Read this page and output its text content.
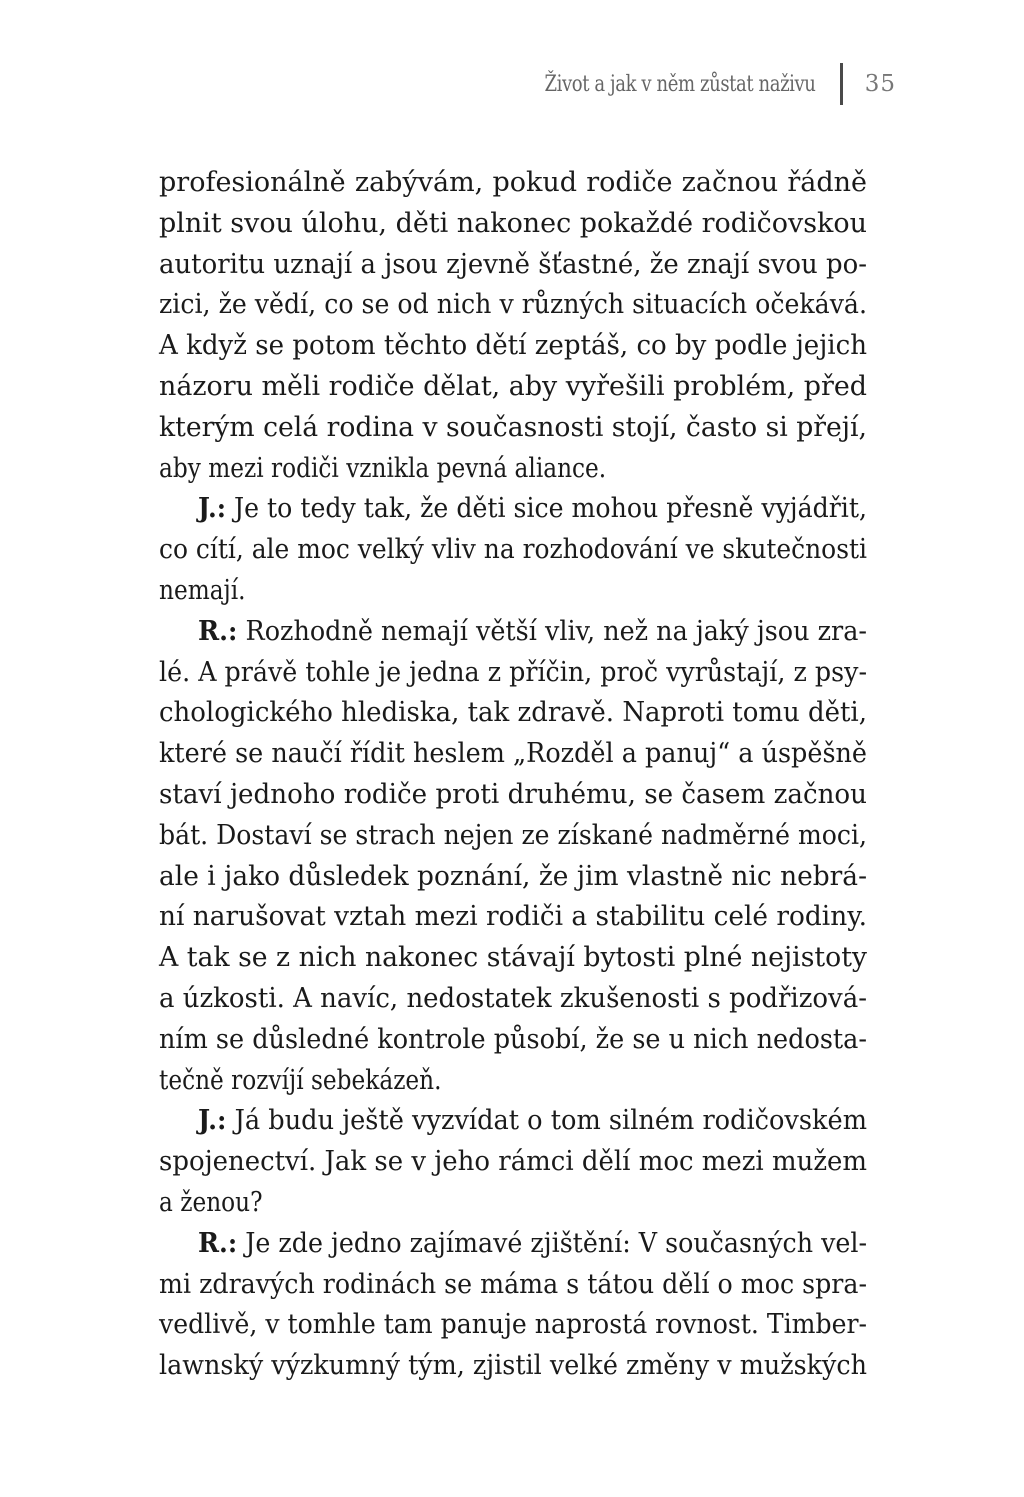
Život a jak v něm zůstat naživu 35
profesionálně zabývám, pokud rodiče začnou řádně
plnit svou úlohu, děti nakonec pokaždé rodičovskou
autoritu uznají a jsou zjevně šťastné, že znají svou po-
zici, že vědí, co se od nich v různých situacích očekává.
A když se potom těchto dětí zeptáš, co by podle jejich
názoru měli rodiče dělat, aby vyřešili problém, před
kterým celá rodina v současnosti stojí, často si přejí,
aby mezi rodiči vznikla pevná aliance.
J.: Je to tedy tak, že děti sice mohou přesně vyjádřit,
co cítí, ale moc velký vliv na rozhodování ve skutečnosti
nemají.
R.: Rozhodně nemají větší vliv, než na jaký jsou zra-
lé. A právě tohle je jedna z příčin, proč vyrůstají, z psy-
chologického hlediska, tak zdravě. Naproti tomu děti,
které se naučí řídit heslem „Rozděl a panuj“ a úspěšně
staví jednoho rodiče proti druhému, se časem začnou
bát. Dostaví se strach nejen ze získané nadměrné moci,
ale i jako důsledek poznání, že jim vlastně nic nebrá-
ní narušovat vztah mezi rodiči a stabilitu celé rodiny.
A tak se z nich nakonec stávají bytosti plné nejistoty
a úzkosti. A navíc, nedostatek zkušenosti s podřizová-
ním se důsledné kontrole působí, že se u nich nedosta-
tečně rozvíjí sebekázeň.
J.: Já budu ještě vyzvídat o tom silném rodičovském
spojenectví. Jak se v jeho rámci dělí moc mezi mužem
a ženou?
R.: Je zde jedno zajímavé zjištění: V současných vel-
mi zdravých rodinách se máma s tátou dělí o moc spra-
vedlivě, v tomhle tam panuje naprostá rovnost. Timber-
lawnský výzkumný tým, zjistil velké změny v mužských
